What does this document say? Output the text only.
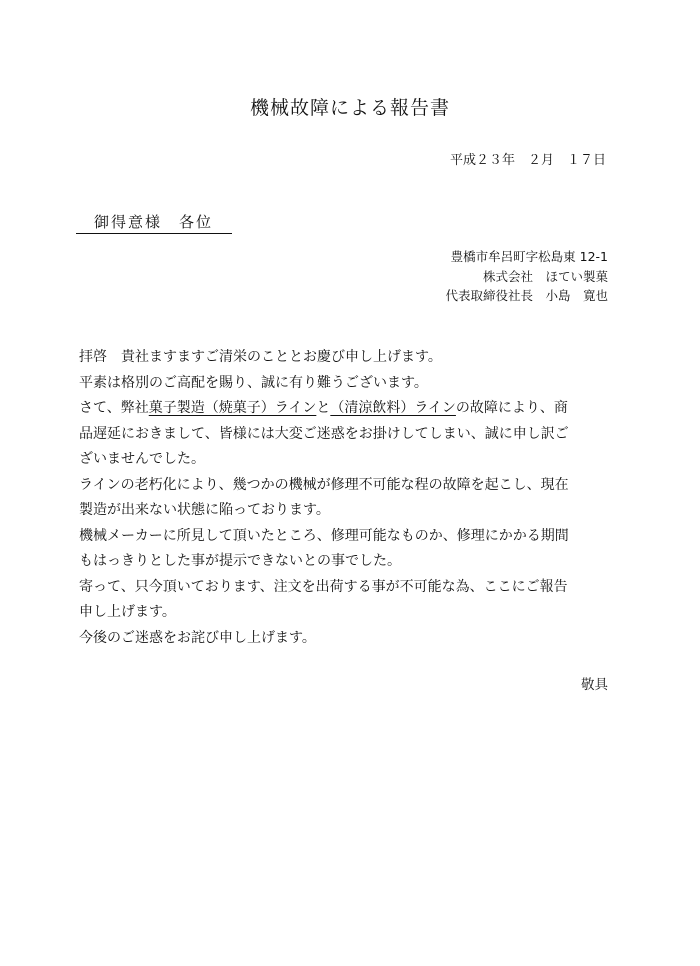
機械故障による報告書
平成２３年　２月　１７日
御得意様　各位
豊橋市牟呂町字松島東 12-1
株式会社　ほてい製菓
代表取締役社長　小島　寛也

拝啓　貴社ますますご清栄のこととお慶び申し上げます。

平素は格別のご高配を賜り、誠に有り難うございます。

さて、弊社菓子製造（焼菓子）ラインと（清涼飲料）ラインの故障により、商

品遅延におきまして、皆様には大変ご迷惑をお掛けしてしまい、誠に申し訳ご

ざいませんでした。

ラインの老朽化により、幾つかの機械が修理不可能な程の故障を起こし、現在

製造が出来ない状態に陥っております。

機械メーカーに所見して頂いたところ、修理可能なものか、修理にかかる期間

もはっきりとした事が提示できないとの事でした。

寄って、只今頂いております、注文を出荷する事が不可能な為、ここにご報告

申し上げます。

今後のご迷惑をお詫び申し上げます。

敬具
